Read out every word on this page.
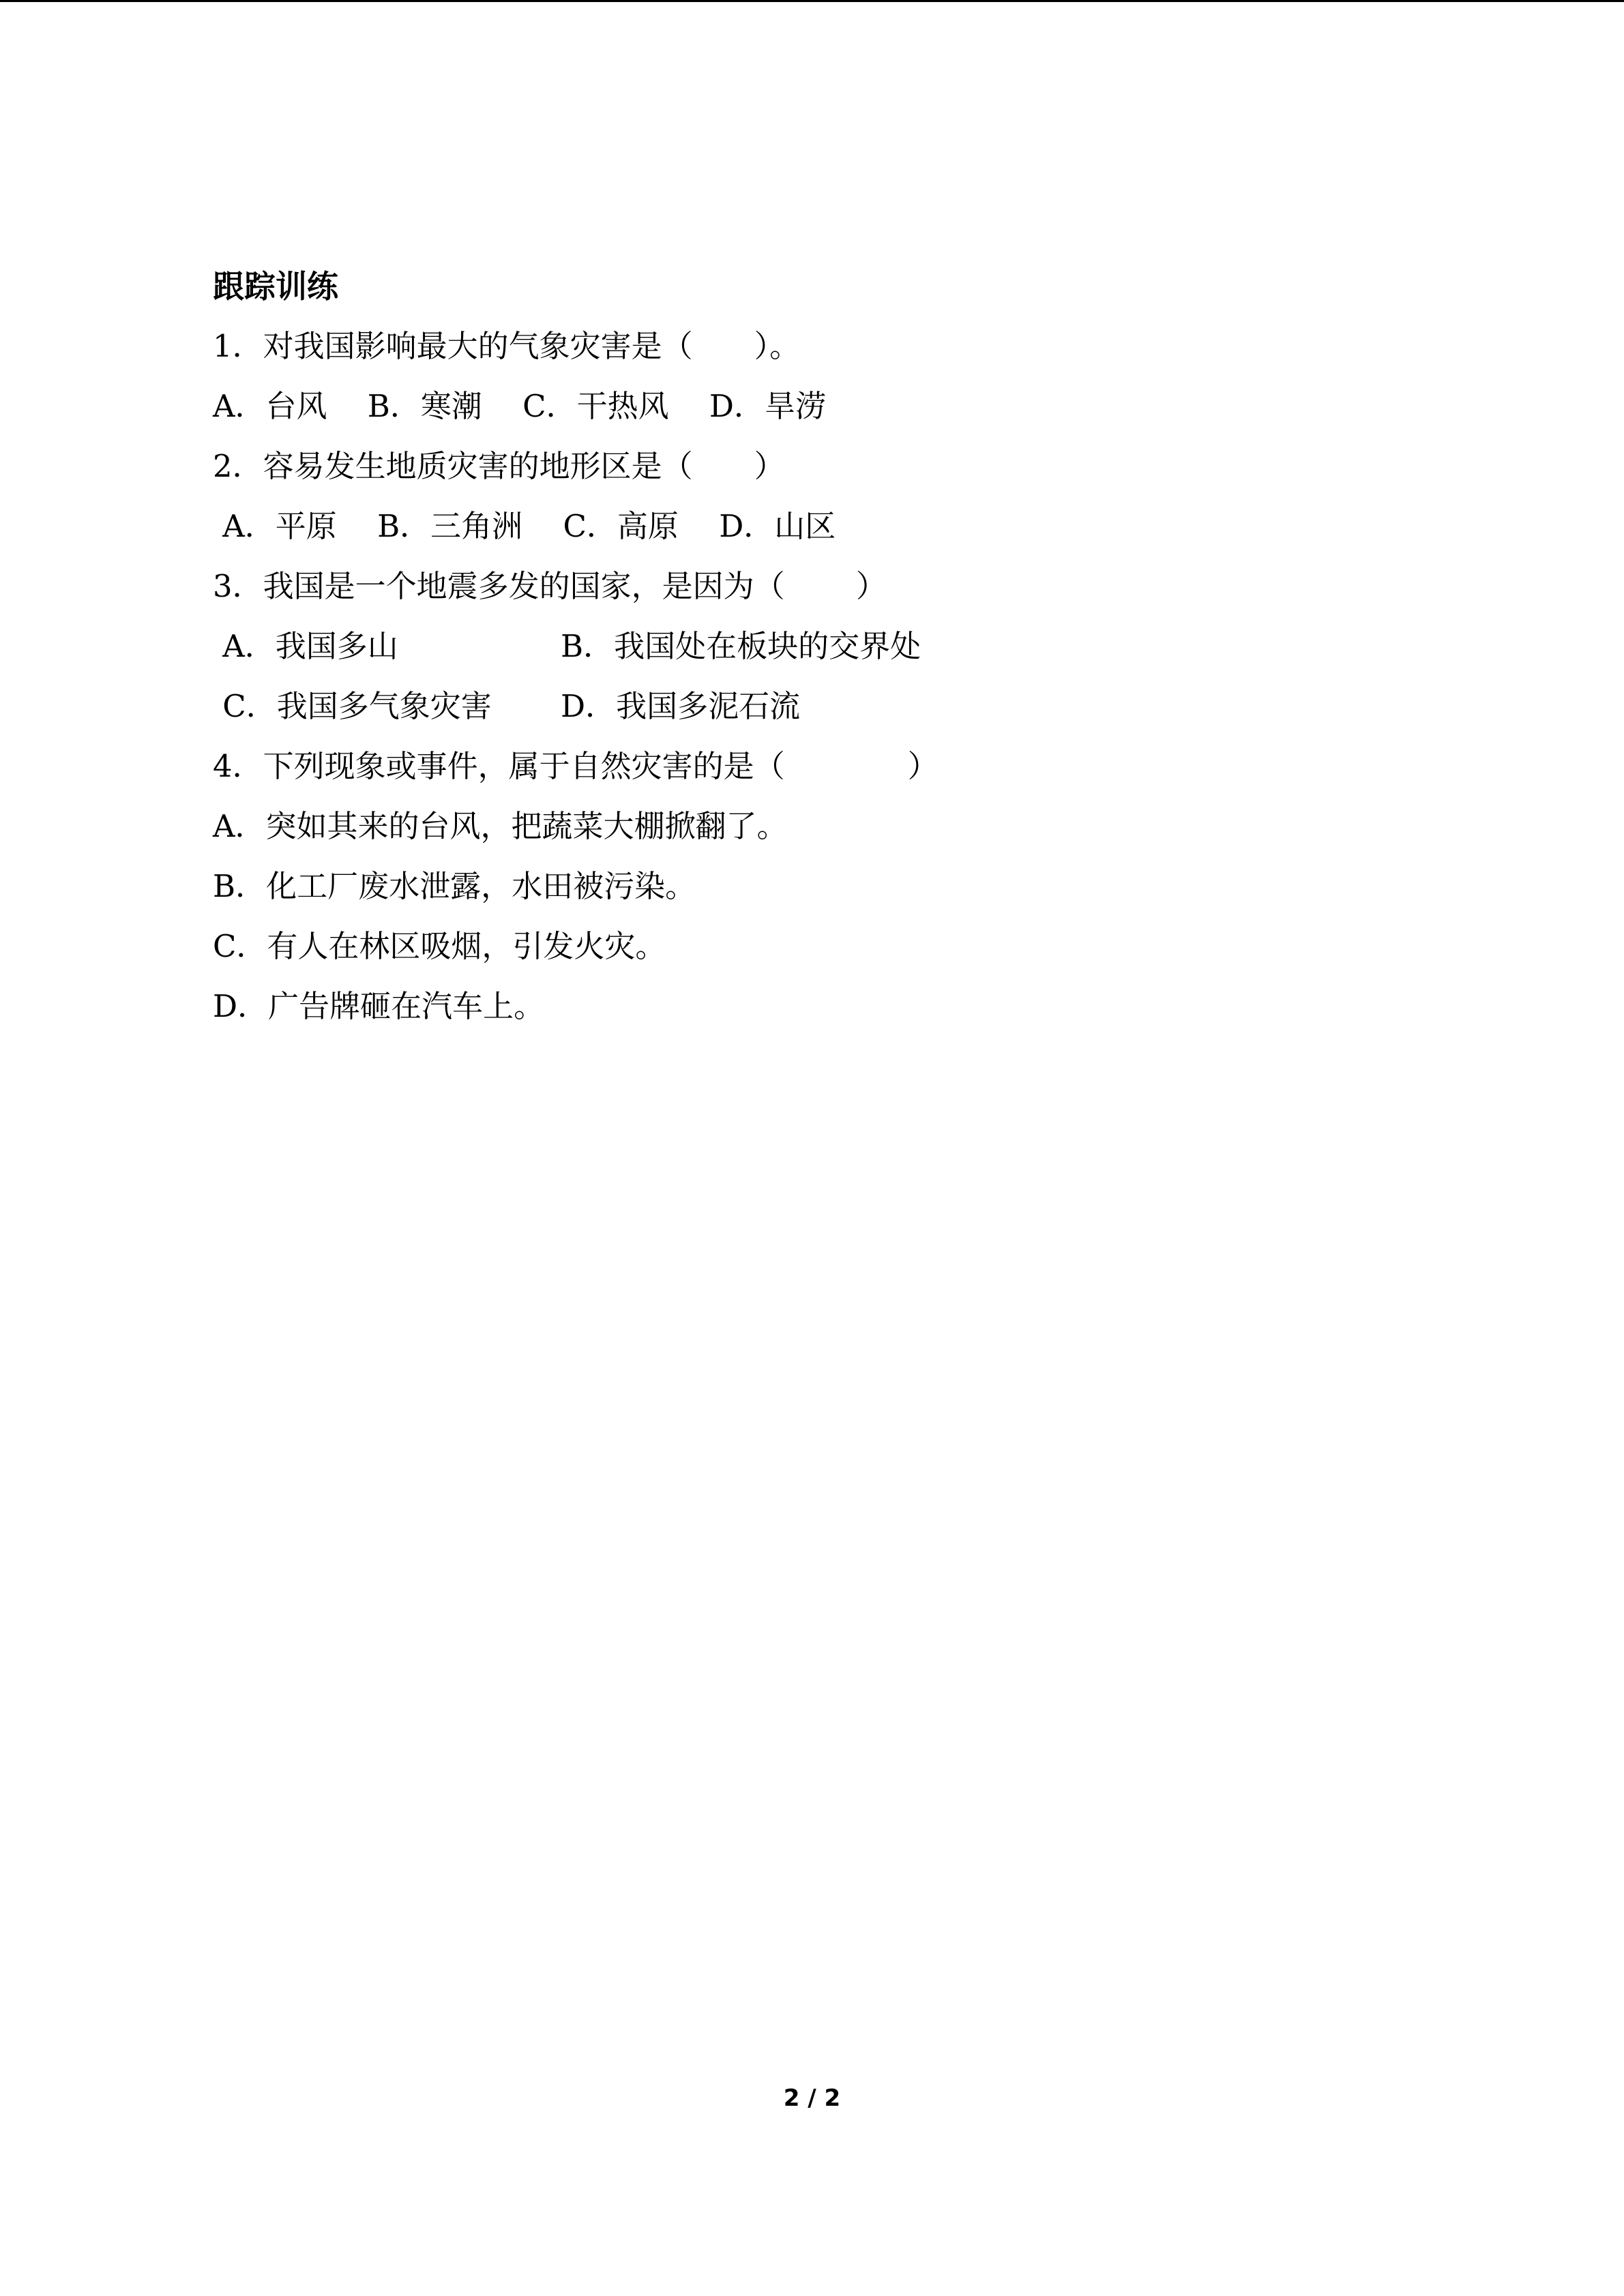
跟踪训练
1．对我国影响最大的气象灾害是（　　）。
A．台风　 B．寒潮　 C．干热风　 D．旱涝
2．容易发生地质灾害的地形区是（　　）
A．平原　 B．三角洲　 C．高原　 D．山区
3．我国是一个地震多发的国家，是因为（　　 ）
A．我国多山	B．我国处在板块的交界处
C．我国多气象灾害 D．我国多泥石流
4．下列现象或事件，属于自然灾害的是（　　　　）
A．突如其来的台风，把蔬菜大棚掀翻了。
B．化工厂废水泄露，水田被污染。
C．有人在林区吸烟，引发火灾。
D．广告牌砸在汽车上。
2 / 2
